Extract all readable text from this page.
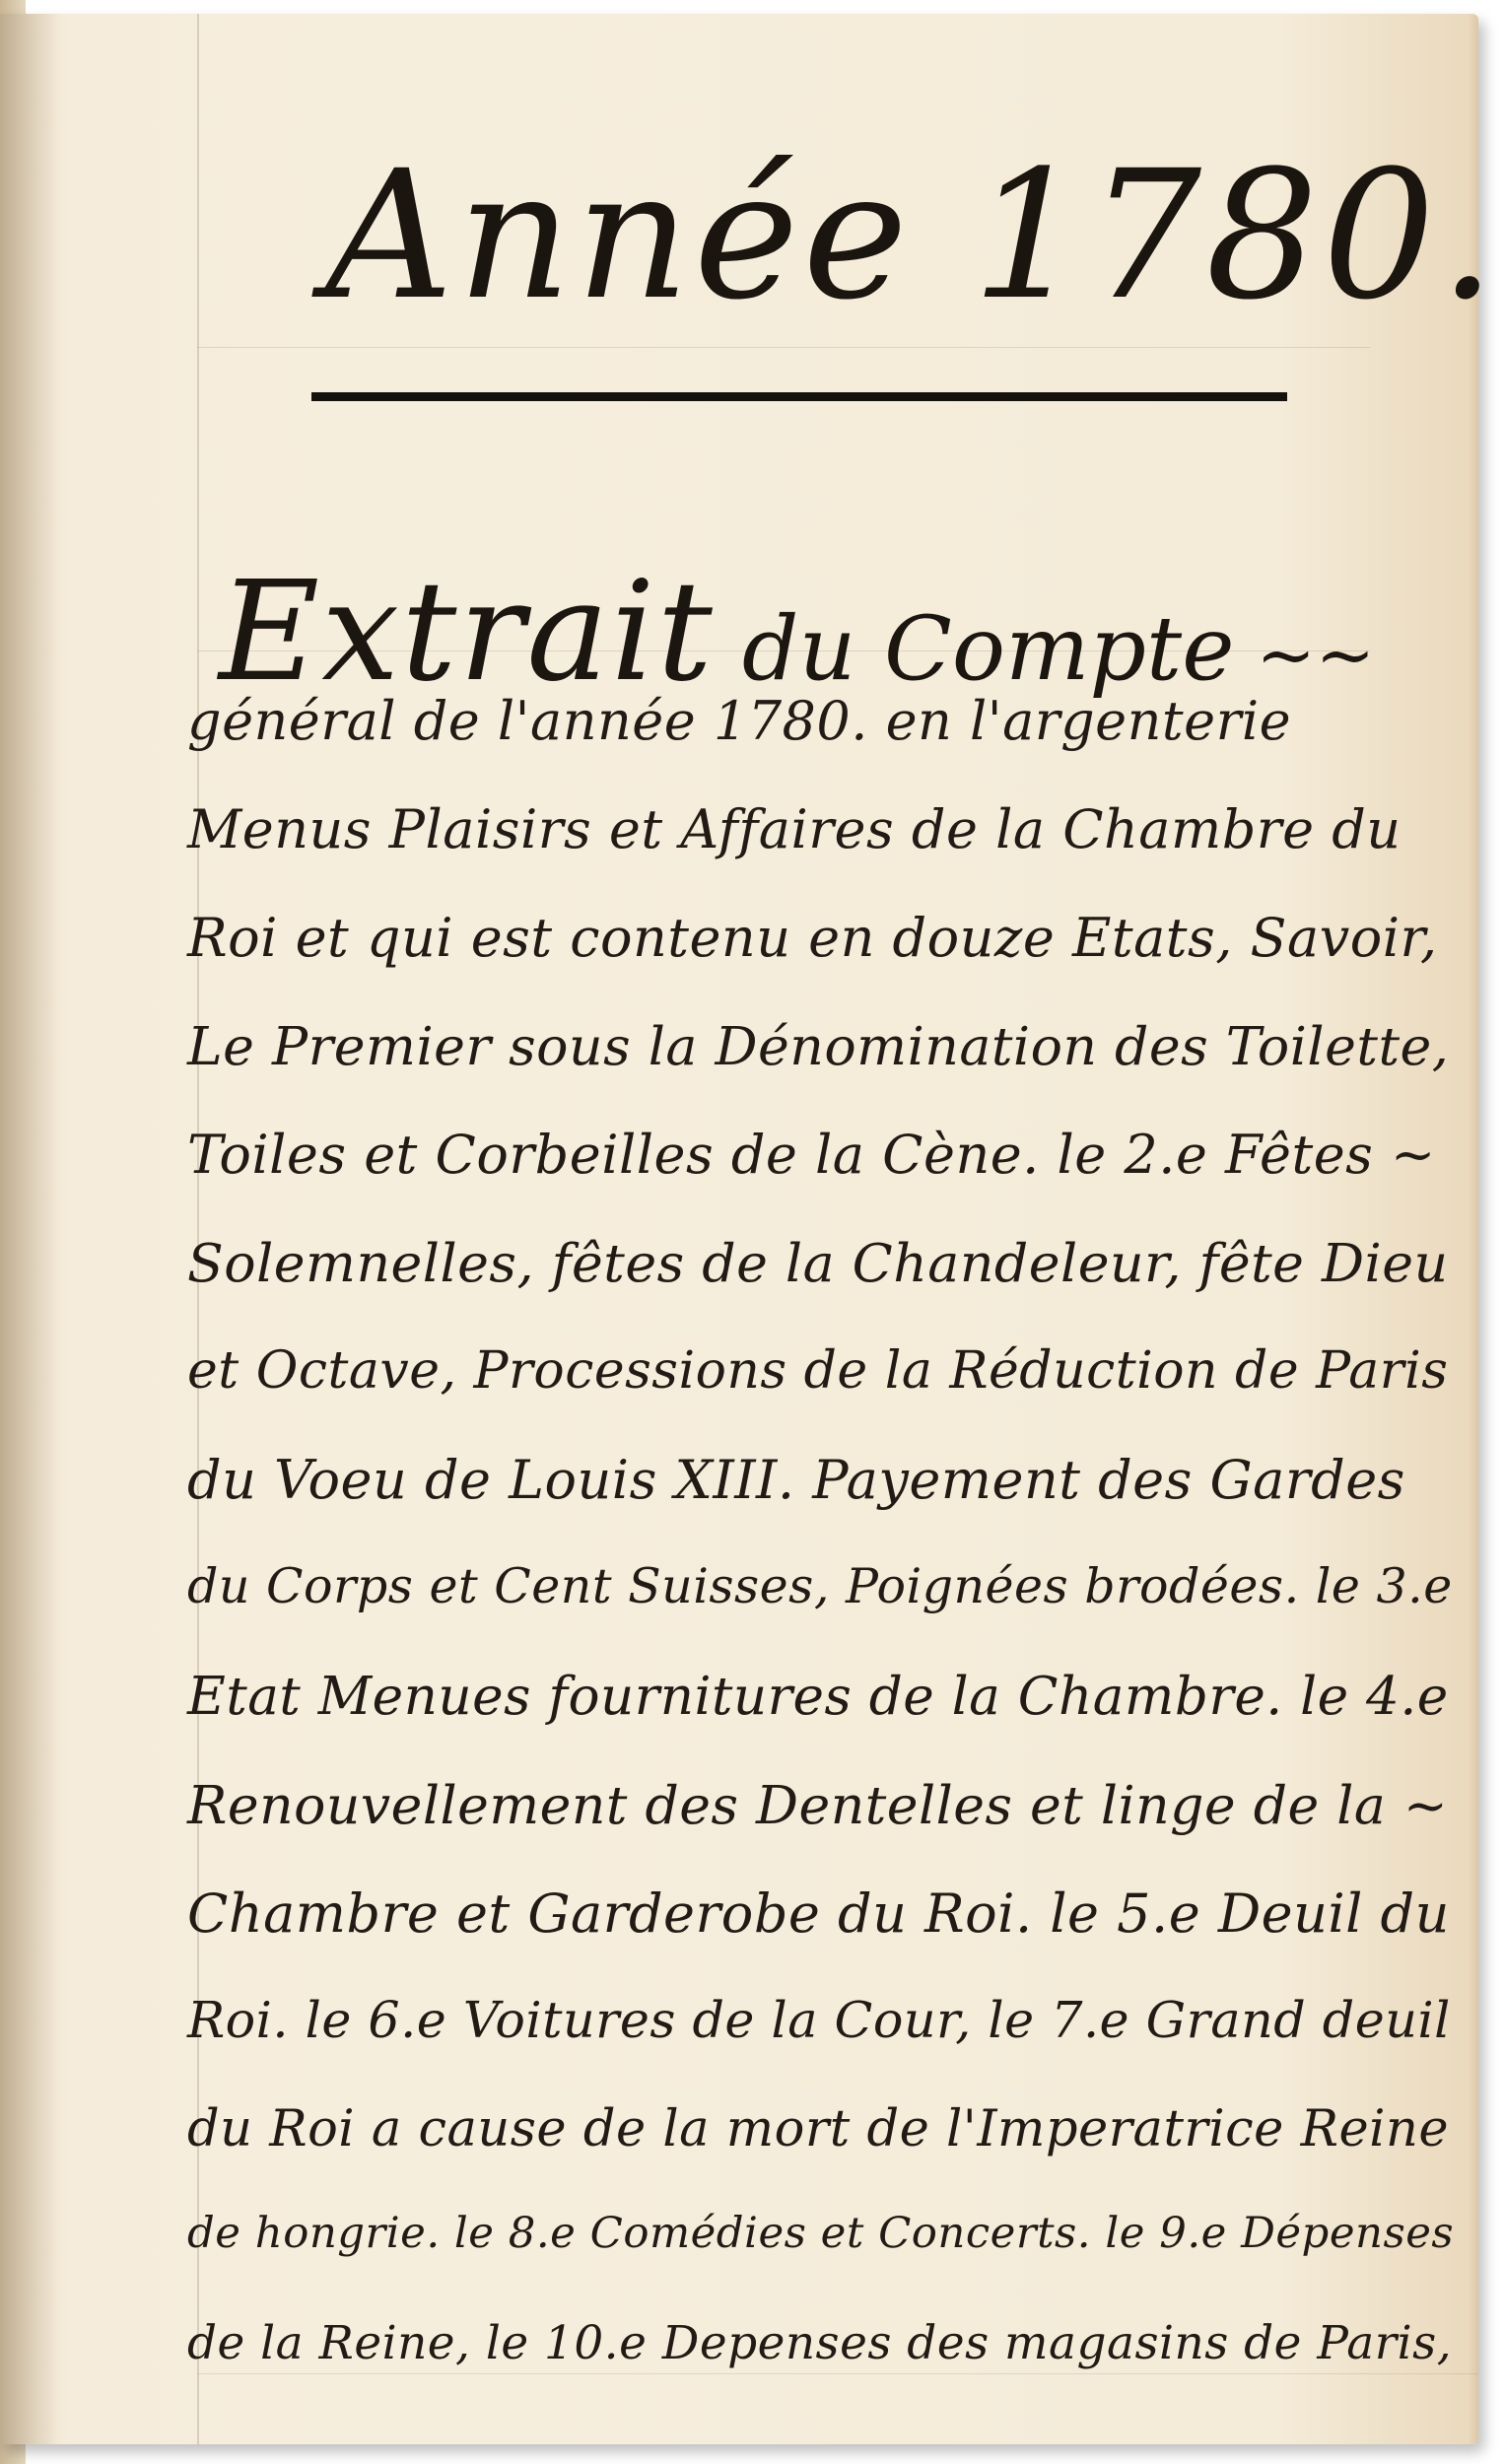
Année 1780.
Extrait du Compte ~~
général de l'année 1780. en l'argenterie
Menus Plaisirs et Affaires de la Chambre du
Roi et qui est contenu en douze Etats, Savoir,
Le Premier sous la Dénomination des Toilette,
Toiles et Corbeilles de la Cène. le 2.e Fêtes ~
Solemnelles, fêtes de la Chandeleur, fête Dieu
et Octave, Processions de la Réduction de Paris
du Voeu de Louis XIII. Payement des Gardes
du Corps et Cent Suisses, Poignées brodées. le 3.e
Etat Menues fournitures de la Chambre. le 4.e
Renouvellement des Dentelles et linge de la ~
Chambre et Garderobe du Roi. le 5.e Deuil du
Roi. le 6.e Voitures de la Cour, le 7.e Grand deuil
du Roi a cause de la mort de l'Imperatrice Reine
de hongrie. le 8.e Comédies et Concerts. le 9.e Dépenses
de la Reine, le 10.e Depenses des magasins de Paris,
